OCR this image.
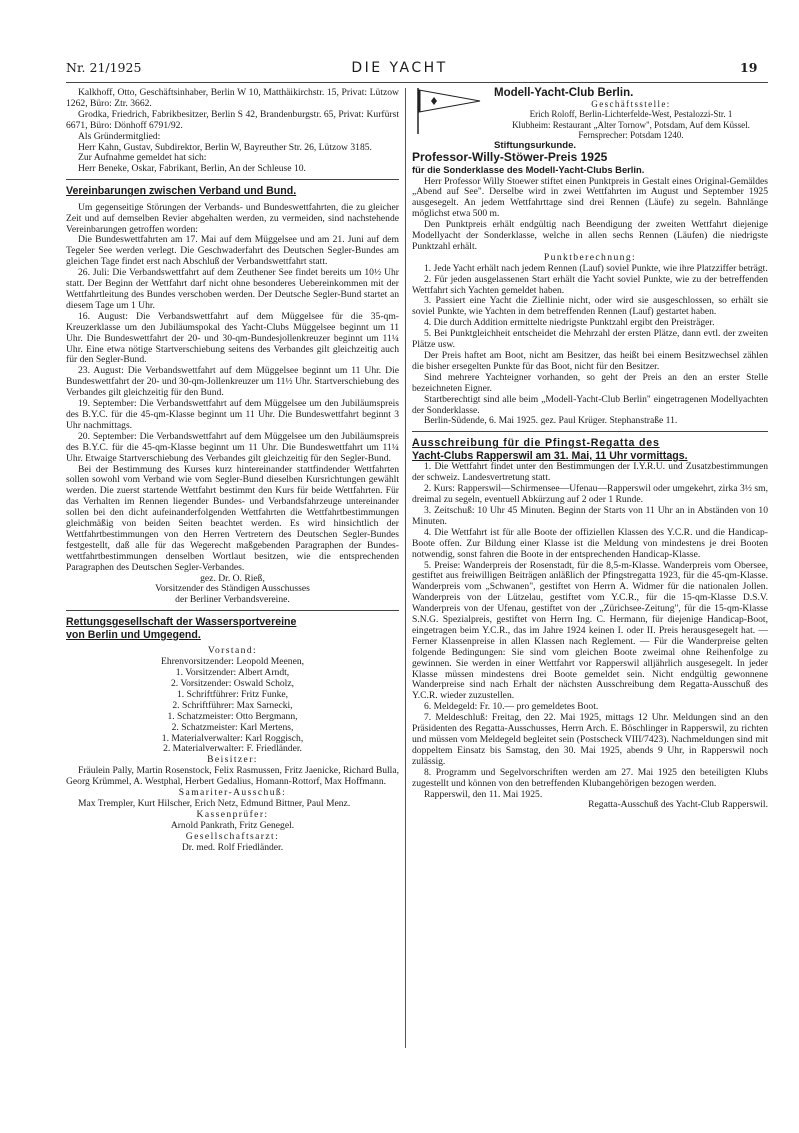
Nr. 21/1925	DIE YACHT	19

Kalkhoff, Otto, Geschäftsinhaber, Berlin W 10, Matthäikirchstr. 15, Privat: Lützow 1262, Büro: Ztr. 3662.

Grodka, Friedrich, Fabrikbesitzer, Berlin S 42, Brandenburgstr. 65, Privat: Kurfürst 6671, Büro: Dönhoff 6791/92.

Als Gründermitglied:

Herr Kahn, Gustav, Subdirektor, Berlin W, Bayreuther Str. 26, Lützow 3185.

Zur Aufnahme gemeldet hat sich:

Herr Beneke, Oskar, Fabrikant, Berlin, An der Schleuse 10.

Vereinbarungen zwischen Verband und Bund.

Um gegenseitige Störungen der Verbands- und Bundeswettfahrten, die zu gleicher Zeit und auf demselben Revier abgehalten werden, zu vermeiden, sind nachstehende Vereinbarungen getroffen worden:

Die Bundeswettfahrten am 17. Mai auf dem Müggelsee und am 21. Juni auf dem Tegeler See werden verlegt. Die Geschwaderfahrt des Deutschen Segler-Bundes am gleichen Tage findet erst nach Abschluß der Verbandswettfahrt statt.

26. Juli: Die Verbandswettfahrt auf dem Zeuthener See findet bereits um 10½ Uhr statt. Der Beginn der Wettfahrt darf nicht ohne besonderes Uebereinkommen mit der Wettfahrtleitung des Bundes verschoben werden. Der Deutsche Segler-Bund startet an diesem Tage um 1 Uhr.

16. August: Die Verbandswettfahrt auf dem Müggelsee für die 35-qm-Kreuzerklasse um den Jubiläumspokal des Yacht-Clubs Müggelsee beginnt um 11 Uhr. Die Bundeswettfahrt der 20- und 30-qm-Bundesjollenkreuzer beginnt um 11¼ Uhr. Eine etwa nötige Startverschiebung seitens des Verbandes gilt gleichzeitig auch für den Segler-Bund.

23. August: Die Verbandswettfahrt auf dem Müggelsee beginnt um 11 Uhr. Die Bundeswettfahrt der 20- und 30-qm-Jollenkreuzer um 11½ Uhr. Startverschiebung des Verbandes gilt gleichzeitig für den Bund.

19. September: Die Verbandswettfahrt auf dem Müggelsee um den Jubiläumspreis des B.Y.C. für die 45-qm-Klasse beginnt um 11 Uhr. Die Bundeswettfahrt beginnt 3 Uhr nachmittags.

20. September: Die Verbandswettfahrt auf dem Müggelsee um den Jubiläumspreis des B.Y.C. für die 45-qm-Klasse beginnt um 11 Uhr. Die Bundeswettfahrt um 11¼ Uhr. Etwaige Startverschiebung des Verbandes gilt gleichzeitig für den Segler-Bund.

Bei der Bestimmung des Kurses kurz hintereinander stattfindender Wettfahrten sollen sowohl vom Verband wie vom Segler-Bund dieselben Kursrichtungen gewählt werden. Die zuerst startende Wettfahrt bestimmt den Kurs für beide Wettfahrten. Für das Verhalten im Rennen liegender Bundes- und Verbandsfahrzeuge untereinander sollen bei den dicht aufeinanderfolgenden Wettfahrten die Wettfahrtbestimmungen gleichmäßig von beiden Seiten beachtet werden. Es wird hinsichtlich der Wettfahrtbestimmungen von den Herren Vertretern des Deutschen Segler-Bundes festgestellt, daß alle für das Wegerecht maßgebenden Paragraphen der Bundes-wettfahrtbestimmungen denselben Wortlaut besitzen, wie die entsprechenden Paragraphen des Deutschen Segler-Verbandes.

gez. Dr. O. Rieß,

Vorsitzender des Ständigen Ausschusses

der Berliner Verbandsvereine.

Rettungsgesellschaft der Wassersportvereine

von Berlin und Umgegend.

Vorstand:

Ehrenvorsitzender: Leopold Meenen,

1. Vorsitzender: Albert Arndt,

2. Vorsitzender: Oswald Scholz,

1. Schriftführer: Fritz Funke,

2. Schriftführer: Max Sarnecki,

1. Schatzmeister: Otto Bergmann,

2. Schatzmeister: Karl Mertens,

1. Materialverwalter: Karl Roggisch,

2. Materialverwalter: F. Friedländer.

Beisitzer:

Fräulein Pally, Martin Rosenstock, Felix Rasmussen, Fritz Jaenicke, Richard Bulla, Georg Krümmel, A. Westphal, Herbert Gedalius, Homann-Rottorf, Max Hoffmann.

Samariter-Ausschuß:

Max Trempler, Kurt Hilscher, Erich Netz, Edmund Bittner, Paul Menz.

Kassenprüfer:

Arnold Pankrath, Fritz Genegel.

Gesellschaftsarzt:

Dr. med. Rolf Friedländer.

Modell-Yacht-Club Berlin.

Geschäftsstelle:

Erich Roloff, Berlin-Lichterfelde-West, Pestalozzi-Str. 1

Klubheim: Restaurant „Alter Tornow", Potsdam, Auf dem Küssel. Fernsprecher: Potsdam 1240.

Stiftungsurkunde.

Professor-Willy-Stöwer-Preis 1925

für die Sonderklasse des Modell-Yacht-Clubs Berlin.

Herr Professor Willy Stoewer stiftet einen Punktpreis in Gestalt eines Original-Gemäldes „Abend auf See". Derselbe wird in zwei Wettfahrten im August und September 1925 ausgesegelt. An jedem Wettfahrttage sind drei Rennen (Läufe) zu segeln. Bahnlänge möglichst etwa 500 m.

Den Punktpreis erhält endgültig nach Beendigung der zweiten Wettfahrt diejenige Modellyacht der Sonderklasse, welche in allen sechs Rennen (Läufen) die niedrigste Punktzahl erhält.

Punktberechnung:

1. Jede Yacht erhält nach jedem Rennen (Lauf) soviel Punkte, wie ihre Platzziffer beträgt.

2. Für jeden ausgelassenen Start erhält die Yacht soviel Punkte, wie zu der betreffenden Wettfahrt sich Yachten gemeldet haben.

3. Passiert eine Yacht die Ziellinie nicht, oder wird sie ausgeschlossen, so erhält sie soviel Punkte, wie Yachten in dem betreffenden Rennen (Lauf) gestartet haben.

4. Die durch Addition ermittelte niedrigste Punktzahl ergibt den Preisträger.

5. Bei Punktgleichheit entscheidet die Mehrzahl der ersten Plätze, dann evtl. der zweiten Plätze usw.

Der Preis haftet am Boot, nicht am Besitzer, das heißt bei einem Besitzwechsel zählen die bisher ersegelten Punkte für das Boot, nicht für den Besitzer.

Sind mehrere Yachteigner vorhanden, so geht der Preis an den an erster Stelle bezeichneten Eigner.

Startberechtigt sind alle beim „Modell-Yacht-Club Berlin" eingetragenen Modellyachten der Sonderklasse.

Berlin-Südende, 6. Mai 1925. gez. Paul Krüger. Stephanstraße 11.

Ausschreibung für die Pfingst-Regatta des

Yacht-Clubs Rapperswil am 31. Mai, 11 Uhr vormittags.

1. Die Wettfahrt findet unter den Bestimmungen der I.Y.R.U. und Zusatzbestimmungen der schweiz. Landesvertretung statt.

2. Kurs: Rapperswil—Schirmensee—Ufenau—Rapperswil oder umgekehrt, zirka 3½ sm, dreimal zu segeln, eventuell Abkürzung auf 2 oder 1 Runde.

3. Zeitschuß: 10 Uhr 45 Minuten. Beginn der Starts von 11 Uhr an in Abständen von 10 Minuten.

4. Die Wettfahrt ist für alle Boote der offiziellen Klassen des Y.C.R. und die Handicap-Boote offen. Zur Bildung einer Klasse ist die Meldung von mindestens je drei Booten notwendig, sonst fahren die Boote in der entsprechenden Handicap-Klasse.

5. Preise: Wanderpreis der Rosenstadt, für die 8,5-m-Klasse. Wanderpreis vom Obersee, gestiftet aus freiwilligen Beiträgen anläßlich der Pfingstregatta 1923, für die 45-qm-Klasse. Wanderpreis vom „Schwanen", gestiftet von Herrn A. Widmer für die nationalen Jollen. Wanderpreis von der Lützelau, gestiftet vom Y.C.R., für die 15-qm-Klasse D.S.V. Wanderpreis von der Ufenau, gestiftet von der „Zürichsee-Zeitung", für die 15-qm-Klasse S.N.G. Spezialpreis, gestiftet von Herrn Ing. C. Hermann, für diejenige Handicap-Boot, eingetragen beim Y.C.R., das im Jahre 1924 keinen I. oder II. Preis herausgesegelt hat. — Ferner Klassenpreise in allen Klassen nach Reglement. — Für die Wanderpreise gelten folgende Bedingungen: Sie sind vom gleichen Boote zweimal ohne Reihenfolge zu gewinnen. Sie werden in einer Wettfahrt vor Rapperswil alljährlich ausgesegelt. In jeder Klasse müssen mindestens drei Boote gemeldet sein. Nicht endgültig gewonnene Wanderpreise sind nach Erhalt der nächsten Ausschreibung dem Regatta-Ausschuß des Y.C.R. wieder zuzustellen.

6. Meldegeld: Fr. 10.— pro gemeldetes Boot.

7. Meldeschluß: Freitag, den 22. Mai 1925, mittags 12 Uhr. Meldungen sind an den Präsidenten des Regatta-Ausschusses, Herrn Arch. E. Böschlinger in Rapperswil, zu richten und müssen vom Meldegeld begleitet sein (Postscheck VIII/7423). Nachmeldungen sind mit doppeltem Einsatz bis Samstag, den 30. Mai 1925, abends 9 Uhr, in Rapperswil noch zulässig.

8. Programm und Segelvorschriften werden am 27. Mai 1925 den beteiligten Klubs zugestellt und können von den betreffenden Klubangehörigen bezogen werden.

Rapperswil, den 11. Mai 1925.

Regatta-Ausschuß des Yacht-Club Rapperswil.
